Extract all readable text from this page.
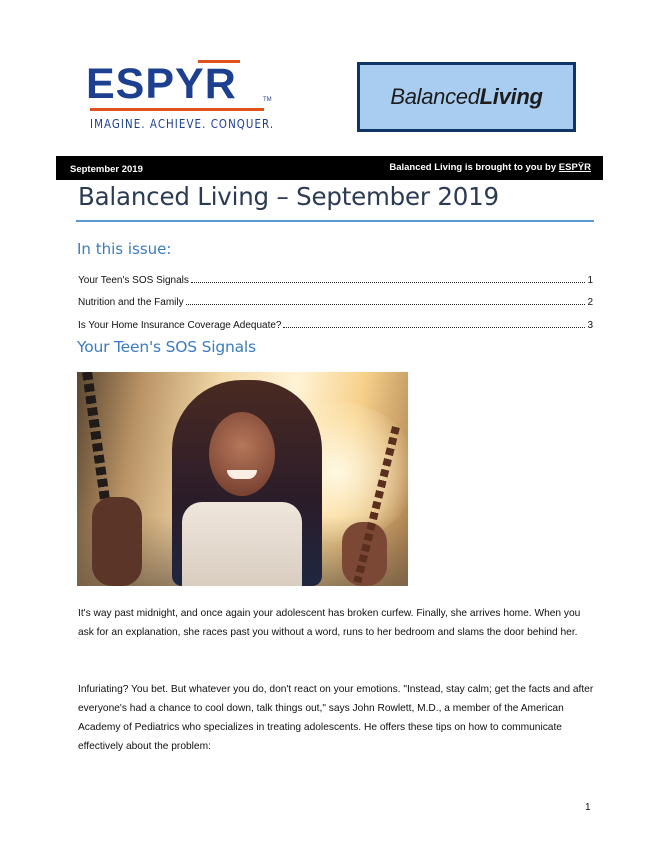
ESPYR	TM
IMAGINE. ACHIEVE. CONQUER.
BalancedLiving
September 2019	Balanced Living is brought to you by ESPŸR
Balanced Living – September 2019
In this issue:
Your Teen's SOS Signals	1
Nutrition and the Family	2
Is Your Home Insurance Coverage Adequate?	3
Your Teen's SOS Signals
It's way past midnight, and once again your adolescent has broken curfew. Finally, she arrives home. When you ask for an explanation, she races past you without a word, runs to her bedroom and slams the door behind her.
Infuriating? You bet. But whatever you do, don't react on your emotions. "Instead, stay calm; get the facts and after everyone's had a chance to cool down, talk things out," says John Rowlett, M.D., a member of the American Academy of Pediatrics who specializes in treating adolescents. He offers these tips on how to communicate effectively about the problem:
1
